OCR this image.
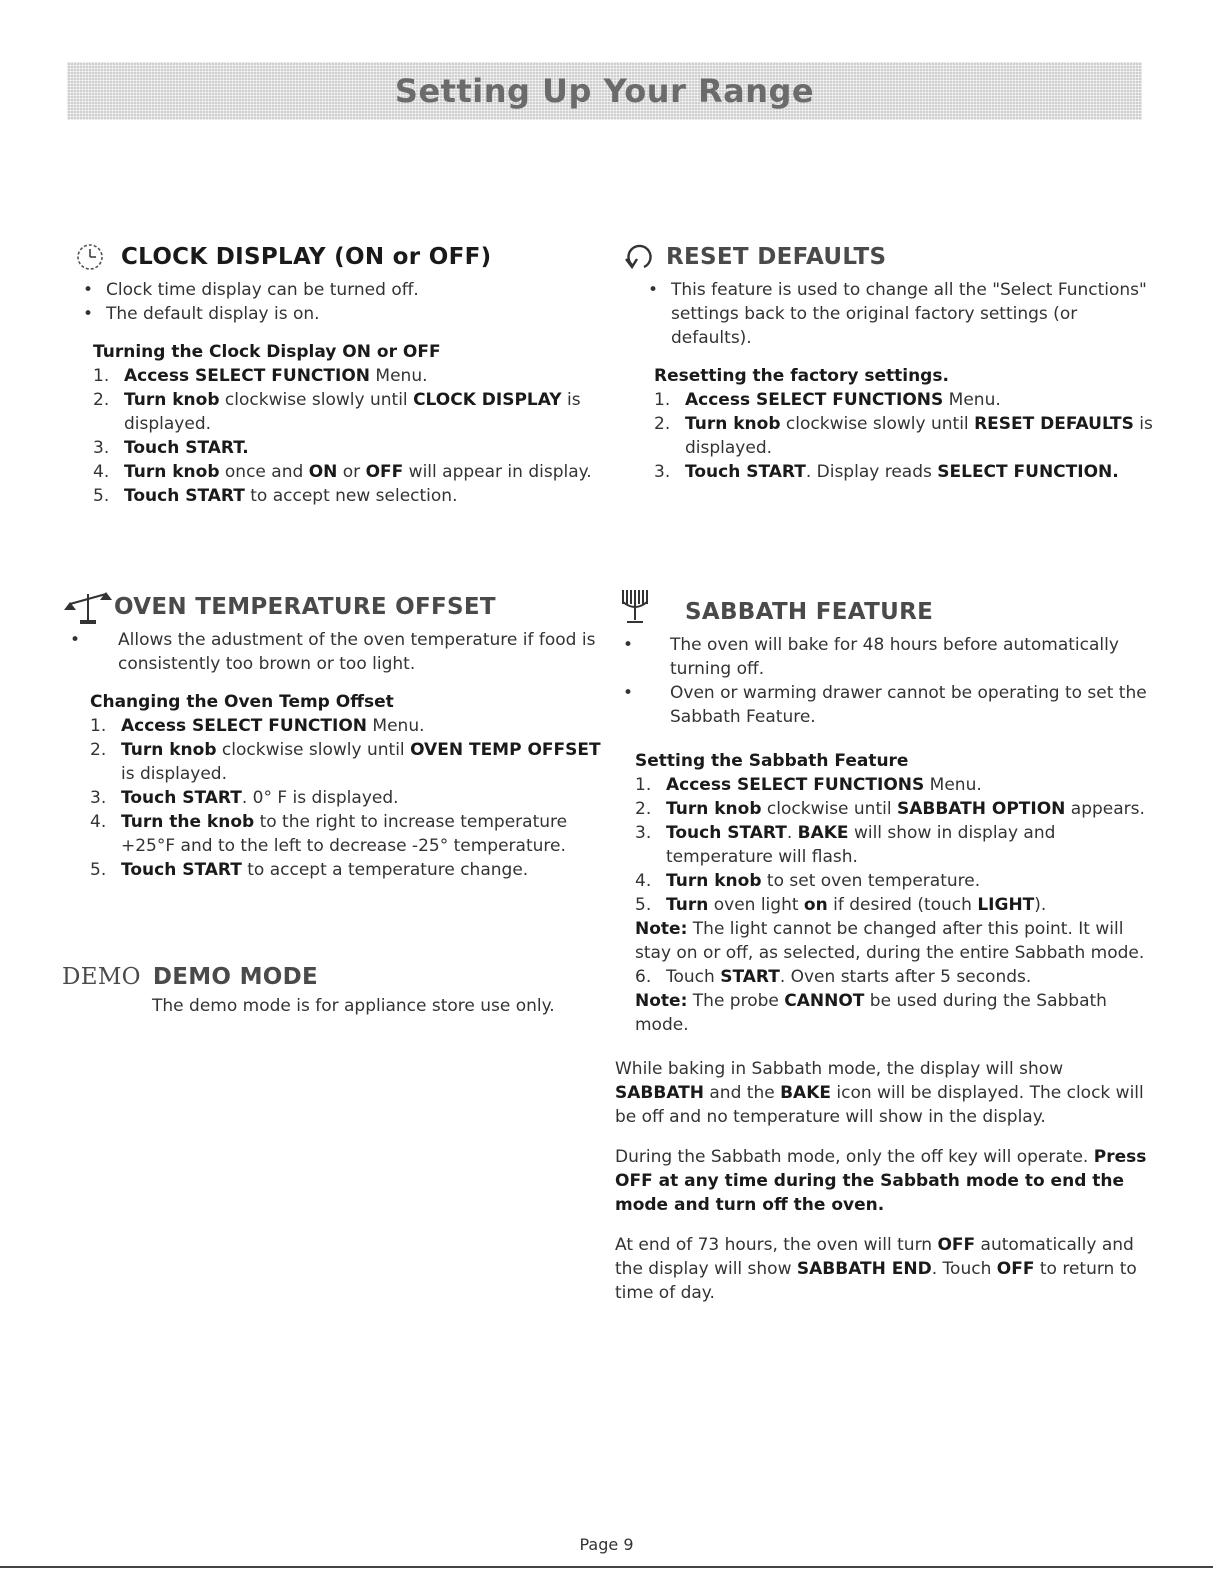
Setting Up Your Range
CLOCK DISPLAY (ON or OFF)
• Clock time display can be turned off.
• The default display is on.
Turning the Clock Display ON or OFF
1. Access SELECT FUNCTION Menu.
2. Turn knob clockwise slowly until CLOCK DISPLAY is displayed.
3. Touch START.
4. Turn knob once and ON or OFF will appear in display.
5. Touch START to accept new selection.
RESET DEFAULTS
• This feature is used to change all the "Select Functions" settings back to the original factory settings (or defaults).
Resetting the factory settings.
1. Access SELECT FUNCTIONS Menu.
2. Turn knob clockwise slowly until RESET DEFAULTS is displayed.
3. Touch START. Display reads SELECT FUNCTION.
OVEN TEMPERATURE OFFSET
• Allows the adustment of the oven temperature if food is consistently too brown or too light.
Changing the Oven Temp Offset
1. Access SELECT FUNCTION Menu.
2. Turn knob clockwise slowly until OVEN TEMP OFFSET is displayed.
3. Touch START. 0° F is displayed.
4. Turn the knob to the right to increase temperature +25°F and to the left to decrease -25° temperature.
5. Touch START to accept a temperature change.
DEMO DEMO MODE

The demo mode is for appliance store use only.

SABBATH FEATURE
• The oven will bake for 48 hours before automatically turning off.
• Oven or warming drawer cannot be operating to set the Sabbath Feature.
Setting the Sabbath Feature
1. Access SELECT FUNCTIONS Menu.
2. Turn knob clockwise until SABBATH OPTION appears.
3. Touch START. BAKE will show in display and temperature will flash.
4. Turn knob to set oven temperature.
5. Turn oven light on if desired (touch LIGHT).
Note: The light cannot be changed after this point. It will stay on or off, as selected, during the entire Sabbath mode.
6. Touch START. Oven starts after 5 seconds.
Note: The probe CANNOT be used during the Sabbath mode.

While baking in Sabbath mode, the display will show SABBATH and the BAKE icon will be displayed. The clock will be off and no temperature will show in the display.

During the Sabbath mode, only the off key will operate. Press OFF at any time during the Sabbath mode to end the mode and turn off the oven.

At end of 73 hours, the oven will turn OFF automatically and the display will show SABBATH END. Touch OFF to return to time of day.

Page 9
